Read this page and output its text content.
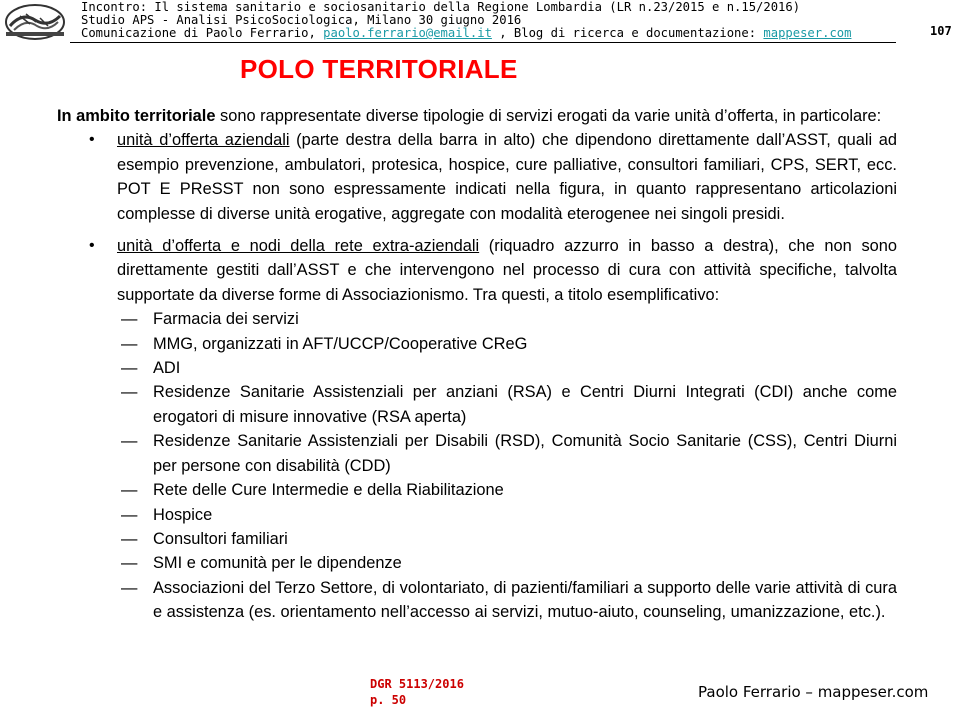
Incontro: Il sistema sanitario e sociosanitario della Regione Lombardia (LR n.23/2015 e n.15/2016)

Studio APS - Analisi PsicoSociologica, Milano 30 giugno 2016

Comunicazione di Paolo Ferrario, paolo.ferrario@email.it , Blog di ricerca e documentazione: mappeser.com	107
POLO TERRITORIALE

In ambito territoriale sono rappresentate diverse tipologie di servizi erogati da varie unità d’offerta, in particolare:

• unità d’offerta aziendali (parte destra della barra in alto) che dipendono direttamente dall’ASST, quali ad esempio prevenzione, ambulatori, protesica, hospice, cure palliative, consultori familiari, CPS, SERT, ecc. POT E PReSST non sono espressamente indicati nella figura, in quanto rappresentano articolazioni complesse di diverse unità erogative, aggregate con modalità eterogenee nei singoli presidi.
• unità d’offerta e nodi della rete extra-aziendali (riquadro azzurro in basso a destra), che non sono direttamente gestiti dall’ASST e che intervengono nel processo di cura con attività specifiche, talvolta supportate da diverse forme di Associazionismo. Tra questi, a titolo esemplificativo:
— Farmacia dei servizi
— MMG, organizzati in AFT/UCCP/Cooperative CReG
— ADI
— Residenze Sanitarie Assistenziali per anziani (RSA) e Centri Diurni Integrati (CDI) anche come erogatori di misure innovative (RSA aperta)
— Residenze Sanitarie Assistenziali per Disabili (RSD), Comunità Socio Sanitarie (CSS), Centri Diurni per persone con disabilità (CDD)
— Rete delle Cure Intermedie e della Riabilitazione
— Hospice
— Consultori familiari
— SMI e comunità per le dipendenze
— Associazioni del Terzo Settore, di volontariato, di pazienti/familiari a supporto delle varie attività di cura e assistenza (es. orientamento nell’accesso ai servizi, mutuo-aiuto, counseling, umanizzazione, etc.).

DGR 5113/2016
p. 50	Paolo Ferrario – mappeser.com
